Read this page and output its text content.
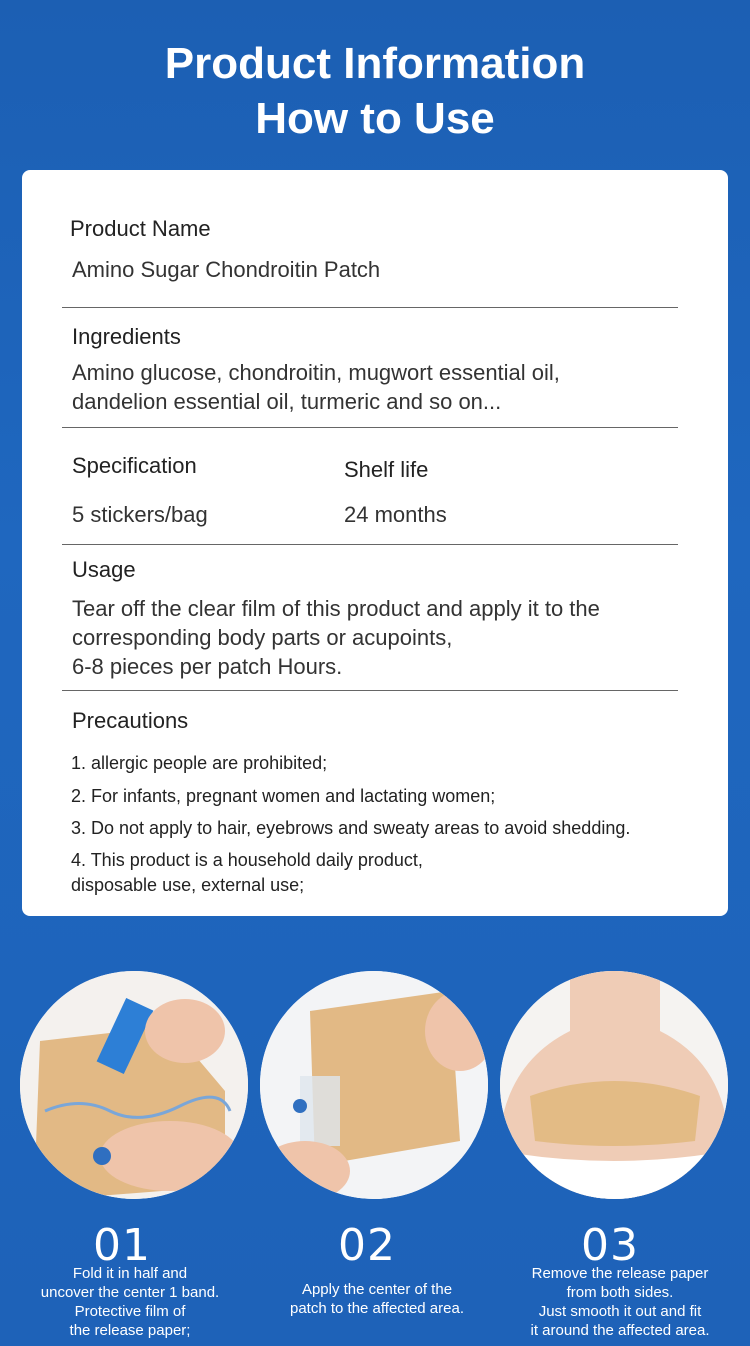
Product Information
How to Use
Product Name
Amino Sugar Chondroitin Patch
Ingredients
Amino glucose, chondroitin, mugwort essential oil,
dandelion essential oil, turmeric and so on...
Specification	Shelf life
5 stickers/bag	24 months
Usage
Tear off the clear film of this product and apply it to the
corresponding body parts or acupoints,
6-8 pieces per patch Hours.
Precautions
1. allergic people are prohibited;
2. For infants, pregnant women and lactating women;
3. Do not apply to hair, eyebrows and sweaty areas to avoid shedding.
4. This product is a household daily product,
disposable use, external use;
01	02	03
Fold it in half and
uncover the center 1 band.
Protective film of
the release paper;
Apply the center of the
patch to the affected area.
Remove the release paper
from both sides.
Just smooth it out and fit
it around the affected area.
